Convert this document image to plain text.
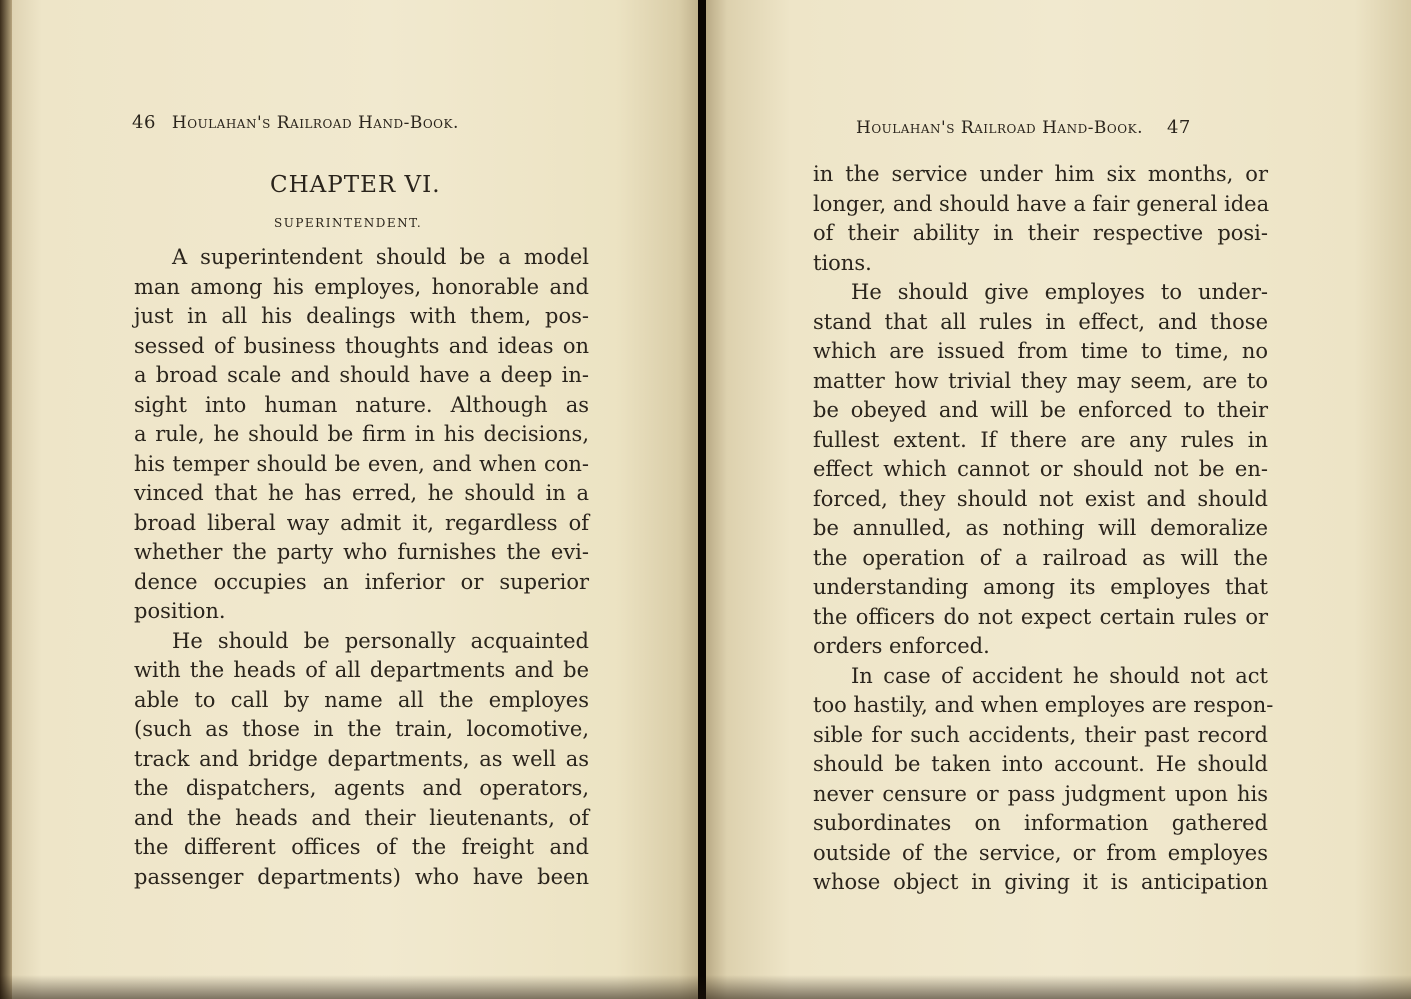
46 Houlahan's Railroad Hand-Book.
CHAPTER VI.
SUPERINTENDENT.
A superintendent should be a model
man among his employes, honorable and
just in all his dealings with them, pos-
sessed of business thoughts and ideas on
a broad scale and should have a deep in-
sight into human nature. Although as
a rule, he should be firm in his decisions,
his temper should be even, and when con-
vinced that he has erred, he should in a
broad liberal way admit it, regardless of
whether the party who furnishes the evi-
dence occupies an inferior or superior
position.
He should be personally acquainted
with the heads of all departments and be
able to call by name all the employes
(such as those in the train, locomotive,
track and bridge departments, as well as
the dispatchers, agents and operators,
and the heads and their lieutenants, of
the different offices of the freight and
passenger departments) who have been
Houlahan's Railroad Hand-Book. 47
in the service under him six months, or
longer, and should have a fair general idea
of their ability in their respective posi-
tions.
He should give employes to under-
stand that all rules in effect, and those
which are issued from time to time, no
matter how trivial they may seem, are to
be obeyed and will be enforced to their
fullest extent. If there are any rules in
effect which cannot or should not be en-
forced, they should not exist and should
be annulled, as nothing will demoralize
the operation of a railroad as will the
understanding among its employes that
the officers do not expect certain rules or
orders enforced.
In case of accident he should not act
too hastily, and when employes are respon-
sible for such accidents, their past record
should be taken into account. He should
never censure or pass judgment upon his
subordinates on information gathered
outside of the service, or from employes
whose object in giving it is anticipation
